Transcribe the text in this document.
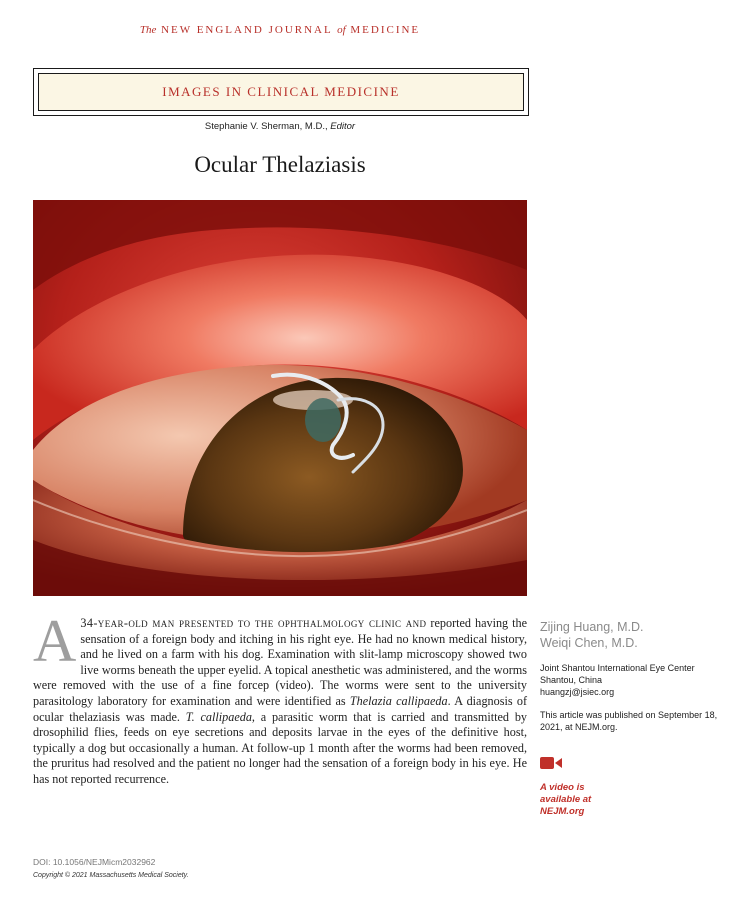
The NEW ENGLAND JOURNAL of MEDICINE
IMAGES IN CLINICAL MEDICINE
Stephanie V. Sherman, M.D., Editor
Ocular Thelaziasis
A 34-year-old man presented to the ophthalmology clinic and reported having the sensation of a foreign body and itching in his right eye. He had no known medical history, and he lived on a farm with his dog. Examination with slit-lamp microscopy showed two live worms beneath the upper eyelid. A topical anesthetic was administered, and the worms were removed with the use of a fine forcep (video). The worms were sent to the university parasitology laboratory for examination and were identified as Thelazia callipaeda. A diagnosis of ocular thelaziasis was made. T. callipaeda, a parasitic worm that is carried and transmitted by drosophilid flies, feeds on eye secretions and deposits larvae in the eyes of the definitive host, typically a dog but occasionally a human. At follow-up 1 month after the worms had been removed, the pruritus had resolved and the patient no longer had the sensation of a foreign body in his eye. He has not reported recurrence.
Zijing Huang, M.D.
Weiqi Chen, M.D.
Joint Shantou International Eye Center
Shantou, China
huangzj@jsiec.org
This article was published on September 18, 2021, at NEJM.org.
A video is
available at
NEJM.org
DOI: 10.1056/NEJMicm2032962
Copyright © 2021 Massachusetts Medical Society.
